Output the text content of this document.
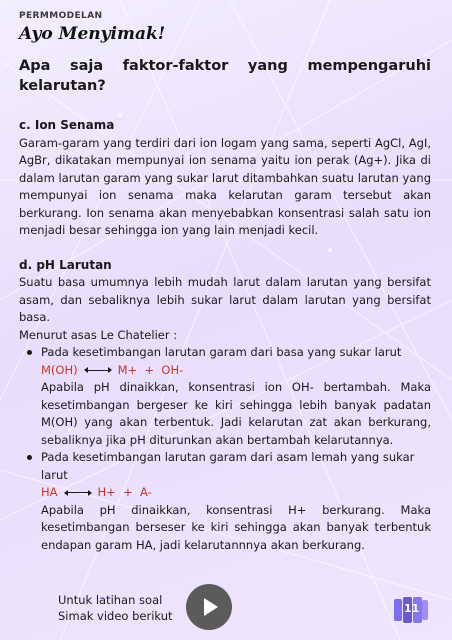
PERMMODELAN
Ayo Menyimak!
Apa saja faktor-faktor yang mempengaruhi
kelarutan?
c. Ion Senama
Garam-garam yang terdiri dari ion logam yang sama, seperti AgCl, AgI, AgBr, dikatakan mempunyai ion senama yaitu ion perak (Ag+). Jika di dalam larutan garam yang sukar larut ditambahkan suatu larutan yang mempunyai ion senama maka kelarutan garam tersebut akan berkurang. Ion senama akan menyebabkan konsentrasi salah satu ion menjadi besar sehingga ion yang lain menjadi kecil.
d. pH Larutan
Suatu basa umumnya lebih mudah larut dalam larutan yang bersifat asam, dan sebaliknya lebih sukar larut dalam larutan yang bersifat basa.
Menurut asas Le Chatelier :
Pada kesetimbangan larutan garam dari basa yang sukar larut
M(OH)	M+  +  OH-
Apabila pH dinaikkan, konsentrasi ion OH- bertambah. Maka kesetimbangan bergeser ke kiri sehingga lebih banyak padatan M(OH) yang akan terbentuk. Jadi kelarutan zat akan berkurang, sebaliknya jika pH diturunkan akan bertambah kelarutannya.
Pada kesetimbangan larutan garam dari asam lemah yang sukar larut
HA	H+  +  A-
Apabila pH dinaikkan, konsentrasi H+ berkurang. Maka kesetimbangan berseser ke kiri sehingga akan banyak terbentuk endapan garam HA, jadi kelarutannnya akan berkurang.
Untuk latihan soal
Simak video berikut
11
